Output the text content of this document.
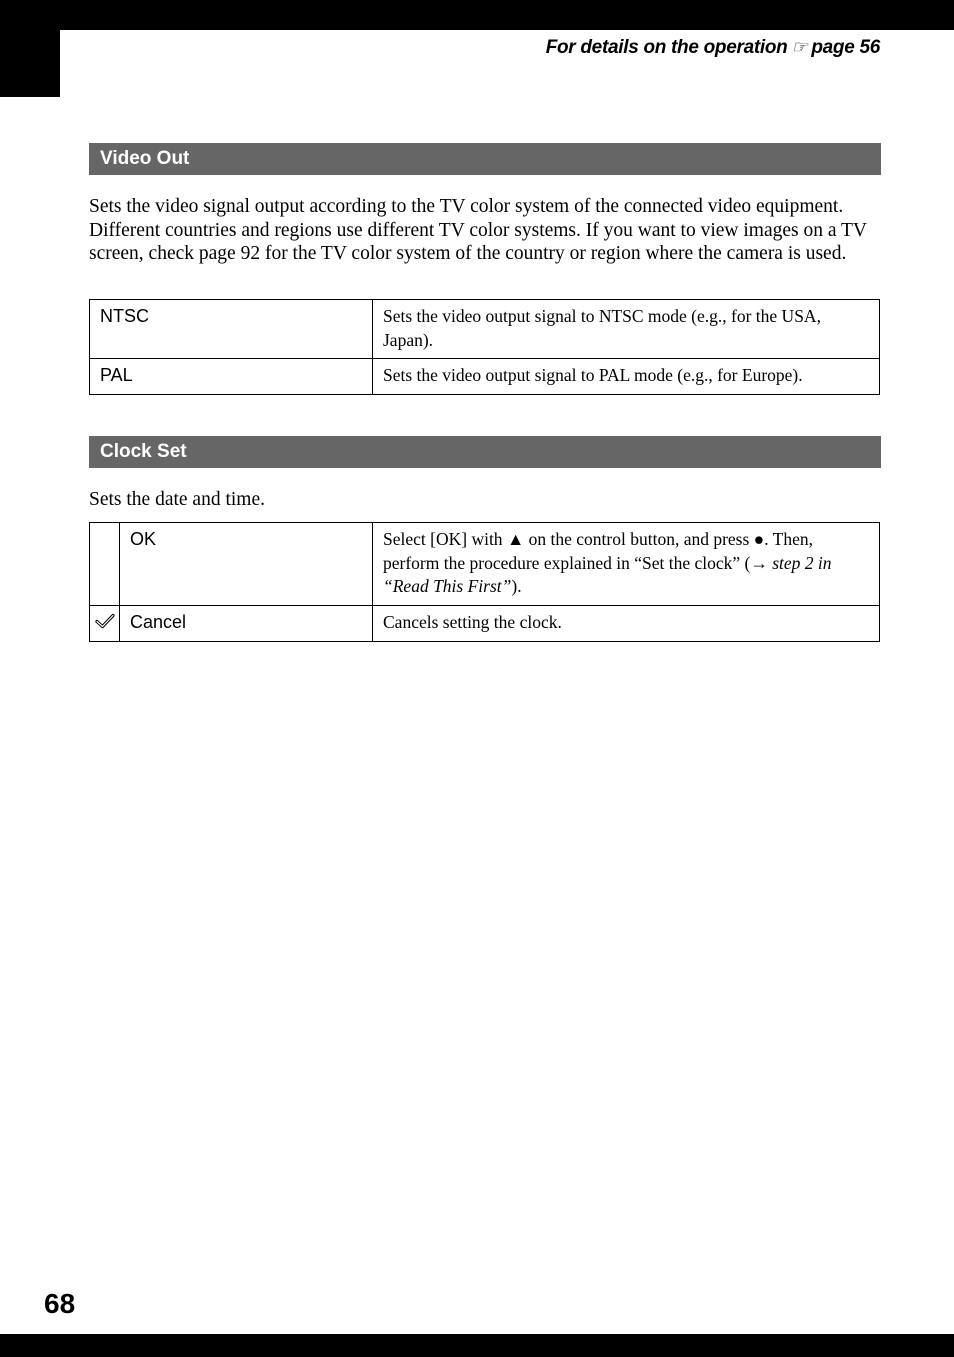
For details on the operation ☞ page 56
Video Out
Sets the video signal output according to the TV color system of the connected video equipment. Different countries and regions use different TV color systems. If you want to view images on a TV screen, check page 92 for the TV color system of the country or region where the camera is used.
NTSC	Sets the video output signal to NTSC mode (e.g., for the USA, Japan).
PAL	Sets the video output signal to PAL mode (e.g., for Europe).
Clock Set
Sets the date and time.
	OK	Select [OK] with ▲ on the control button, and press ●. Then, perform the procedure explained in “Set the clock” (→ step 2 in “Read This First”).
	Cancel	Cancels setting the clock.
68
